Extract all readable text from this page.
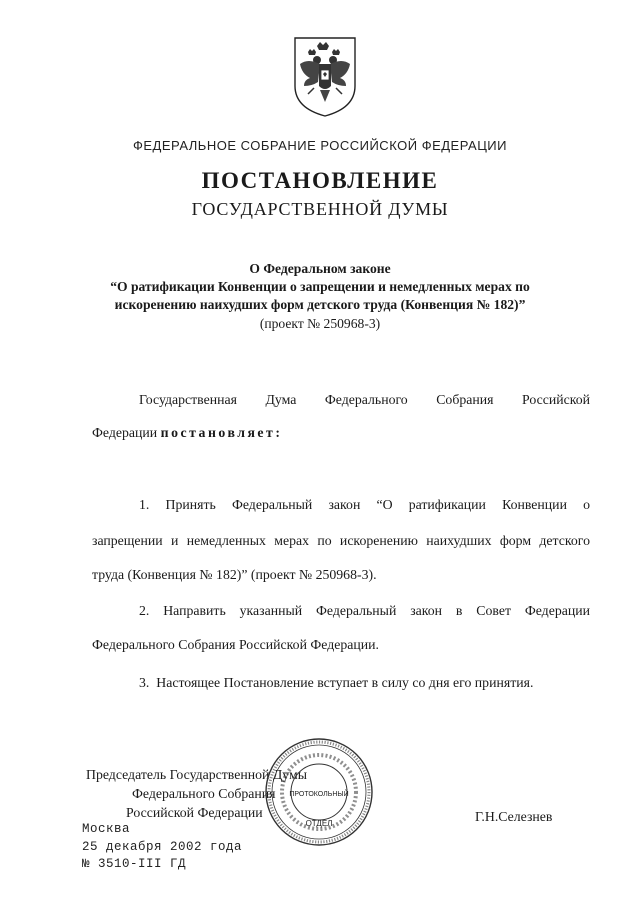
ФЕДЕРАЛЬНОЕ СОБРАНИЕ РОССИЙСКОЙ ФЕДЕРАЦИИ
ПОСТАНОВЛЕНИЕ
ГОСУДАРСТВЕННОЙ ДУМЫ
О Федеральном законе
“О ратификации Конвенции о запрещении и немедленных мерах по
искоренению наихудших форм детского труда (Конвенция № 182)”
(проект № 250968-3)
Государственная Дума Федерального Собрания Российской
Федерации постановляет:
1. Принять Федеральный закон “О ратификации Конвенции о
запрещении и немедленных мерах по искоренению наихудших форм детского
труда (Конвенция № 182)” (проект № 250968-3).
2. Направить указанный Федеральный закон в Совет Федерации
Федерального Собрания Российской Федерации.
3.  Настоящее Постановление вступает в силу со дня его принятия.
Председатель Государственной Думы
Федерального Собрания
Российской Федерации	Г.Н.Селезнев
Москва
25 декабря 2002 года
№ 3510-III ГД
ПРОТОКОЛЬНЫЙ
ОТДЕЛ
